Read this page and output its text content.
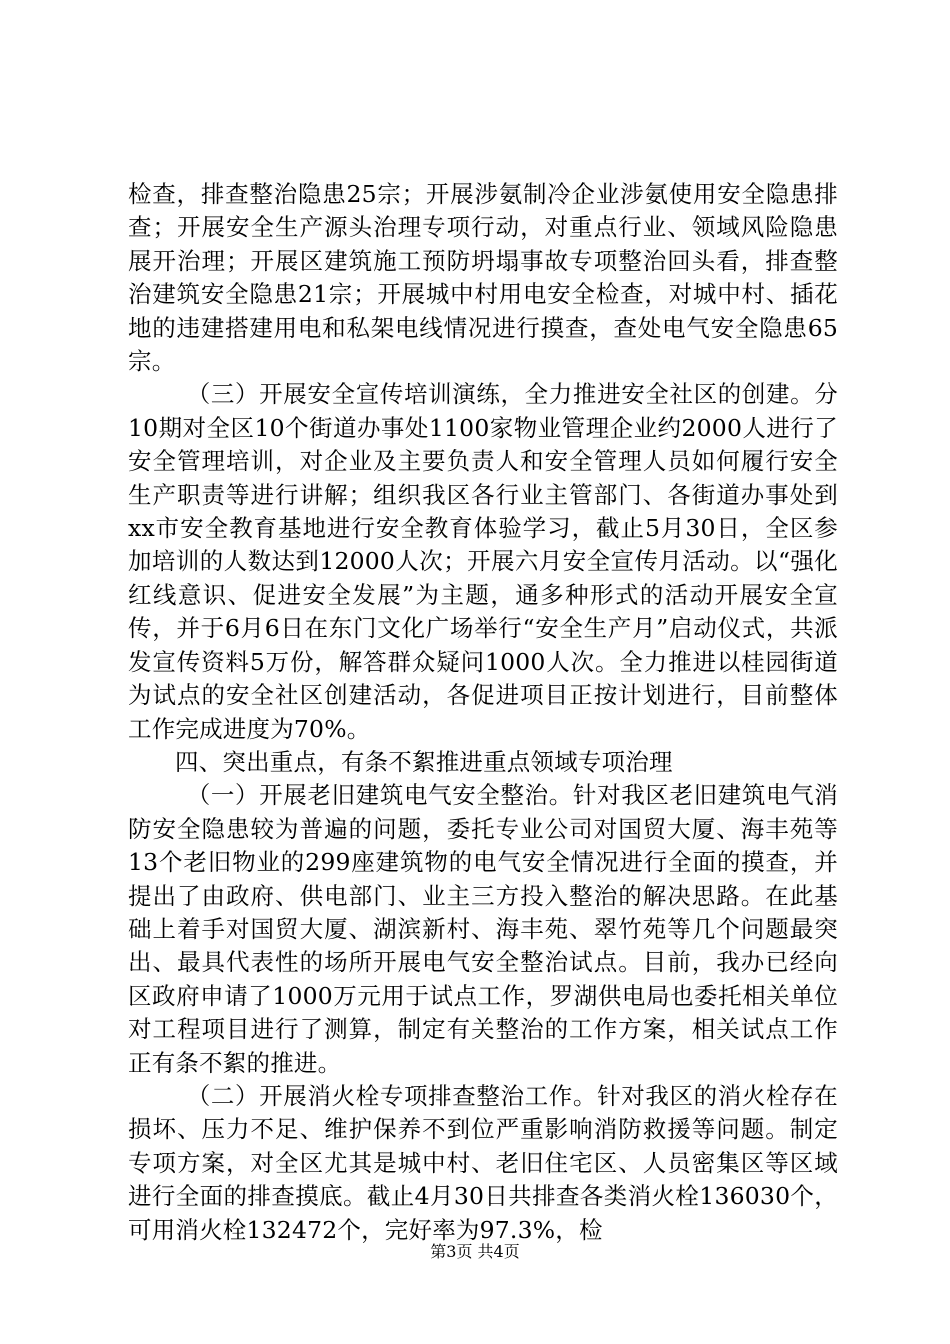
检查，排查整治隐患25宗；开展涉氨制冷企业涉氨使用安全隐患排查；开展安全生产源头治理专项行动，对重点行业、领域风险隐患展开治理；开展区建筑施工预防坍塌事故专项整治回头看，排查整治建筑安全隐患21宗；开展城中村用电安全检查，对城中村、插花地的违建搭建用电和私架电线情况进行摸查，查处电气安全隐患65宗。

（三）开展安全宣传培训演练，全力推进安全社区的创建。分10期对全区10个街道办事处1100家物业管理企业约2000人进行了安全管理培训，对企业及主要负责人和安全管理人员如何履行安全生产职责等进行讲解；组织我区各行业主管部门、各街道办事处到xx市安全教育基地进行安全教育体验学习，截止5月30日，全区参加培训的人数达到12000人次；开展六月安全宣传月活动。以“强化红线意识、促进安全发展”为主题，通多种形式的活动开展安全宣传，并于6月6日在东门文化广场举行“安全生产月”启动仪式，共派发宣传资料5万份，解答群众疑问1000人次。全力推进以桂园街道为试点的安全社区创建活动，各促进项目正按计划进行，目前整体工作完成进度为70%。

四、突出重点，有条不絮推进重点领域专项治理

（一）开展老旧建筑电气安全整治。针对我区老旧建筑电气消防安全隐患较为普遍的问题，委托专业公司对国贸大厦、海丰苑等13个老旧物业的299座建筑物的电气安全情况进行全面的摸查，并提出了由政府、供电部门、业主三方投入整治的解决思路。在此基础上着手对国贸大厦、湖滨新村、海丰苑、翠竹苑等几个问题最突出、最具代表性的场所开展电气安全整治试点。目前，我办已经向区政府申请了1000万元用于试点工作，罗湖供电局也委托相关单位对工程项目进行了测算，制定有关整治的工作方案，相关试点工作正有条不絮的推进。

（二）开展消火栓专项排查整治工作。针对我区的消火栓存在损坏、压力不足、维护保养不到位严重影响消防救援等问题。制定专项方案，对全区尤其是城中村、老旧住宅区、人员密集区等区域进行全面的排查摸底。截止4月30日共排查各类消火栓136030个，可用消火栓132472个，完好率为97.3%，检

第3页 共4页
